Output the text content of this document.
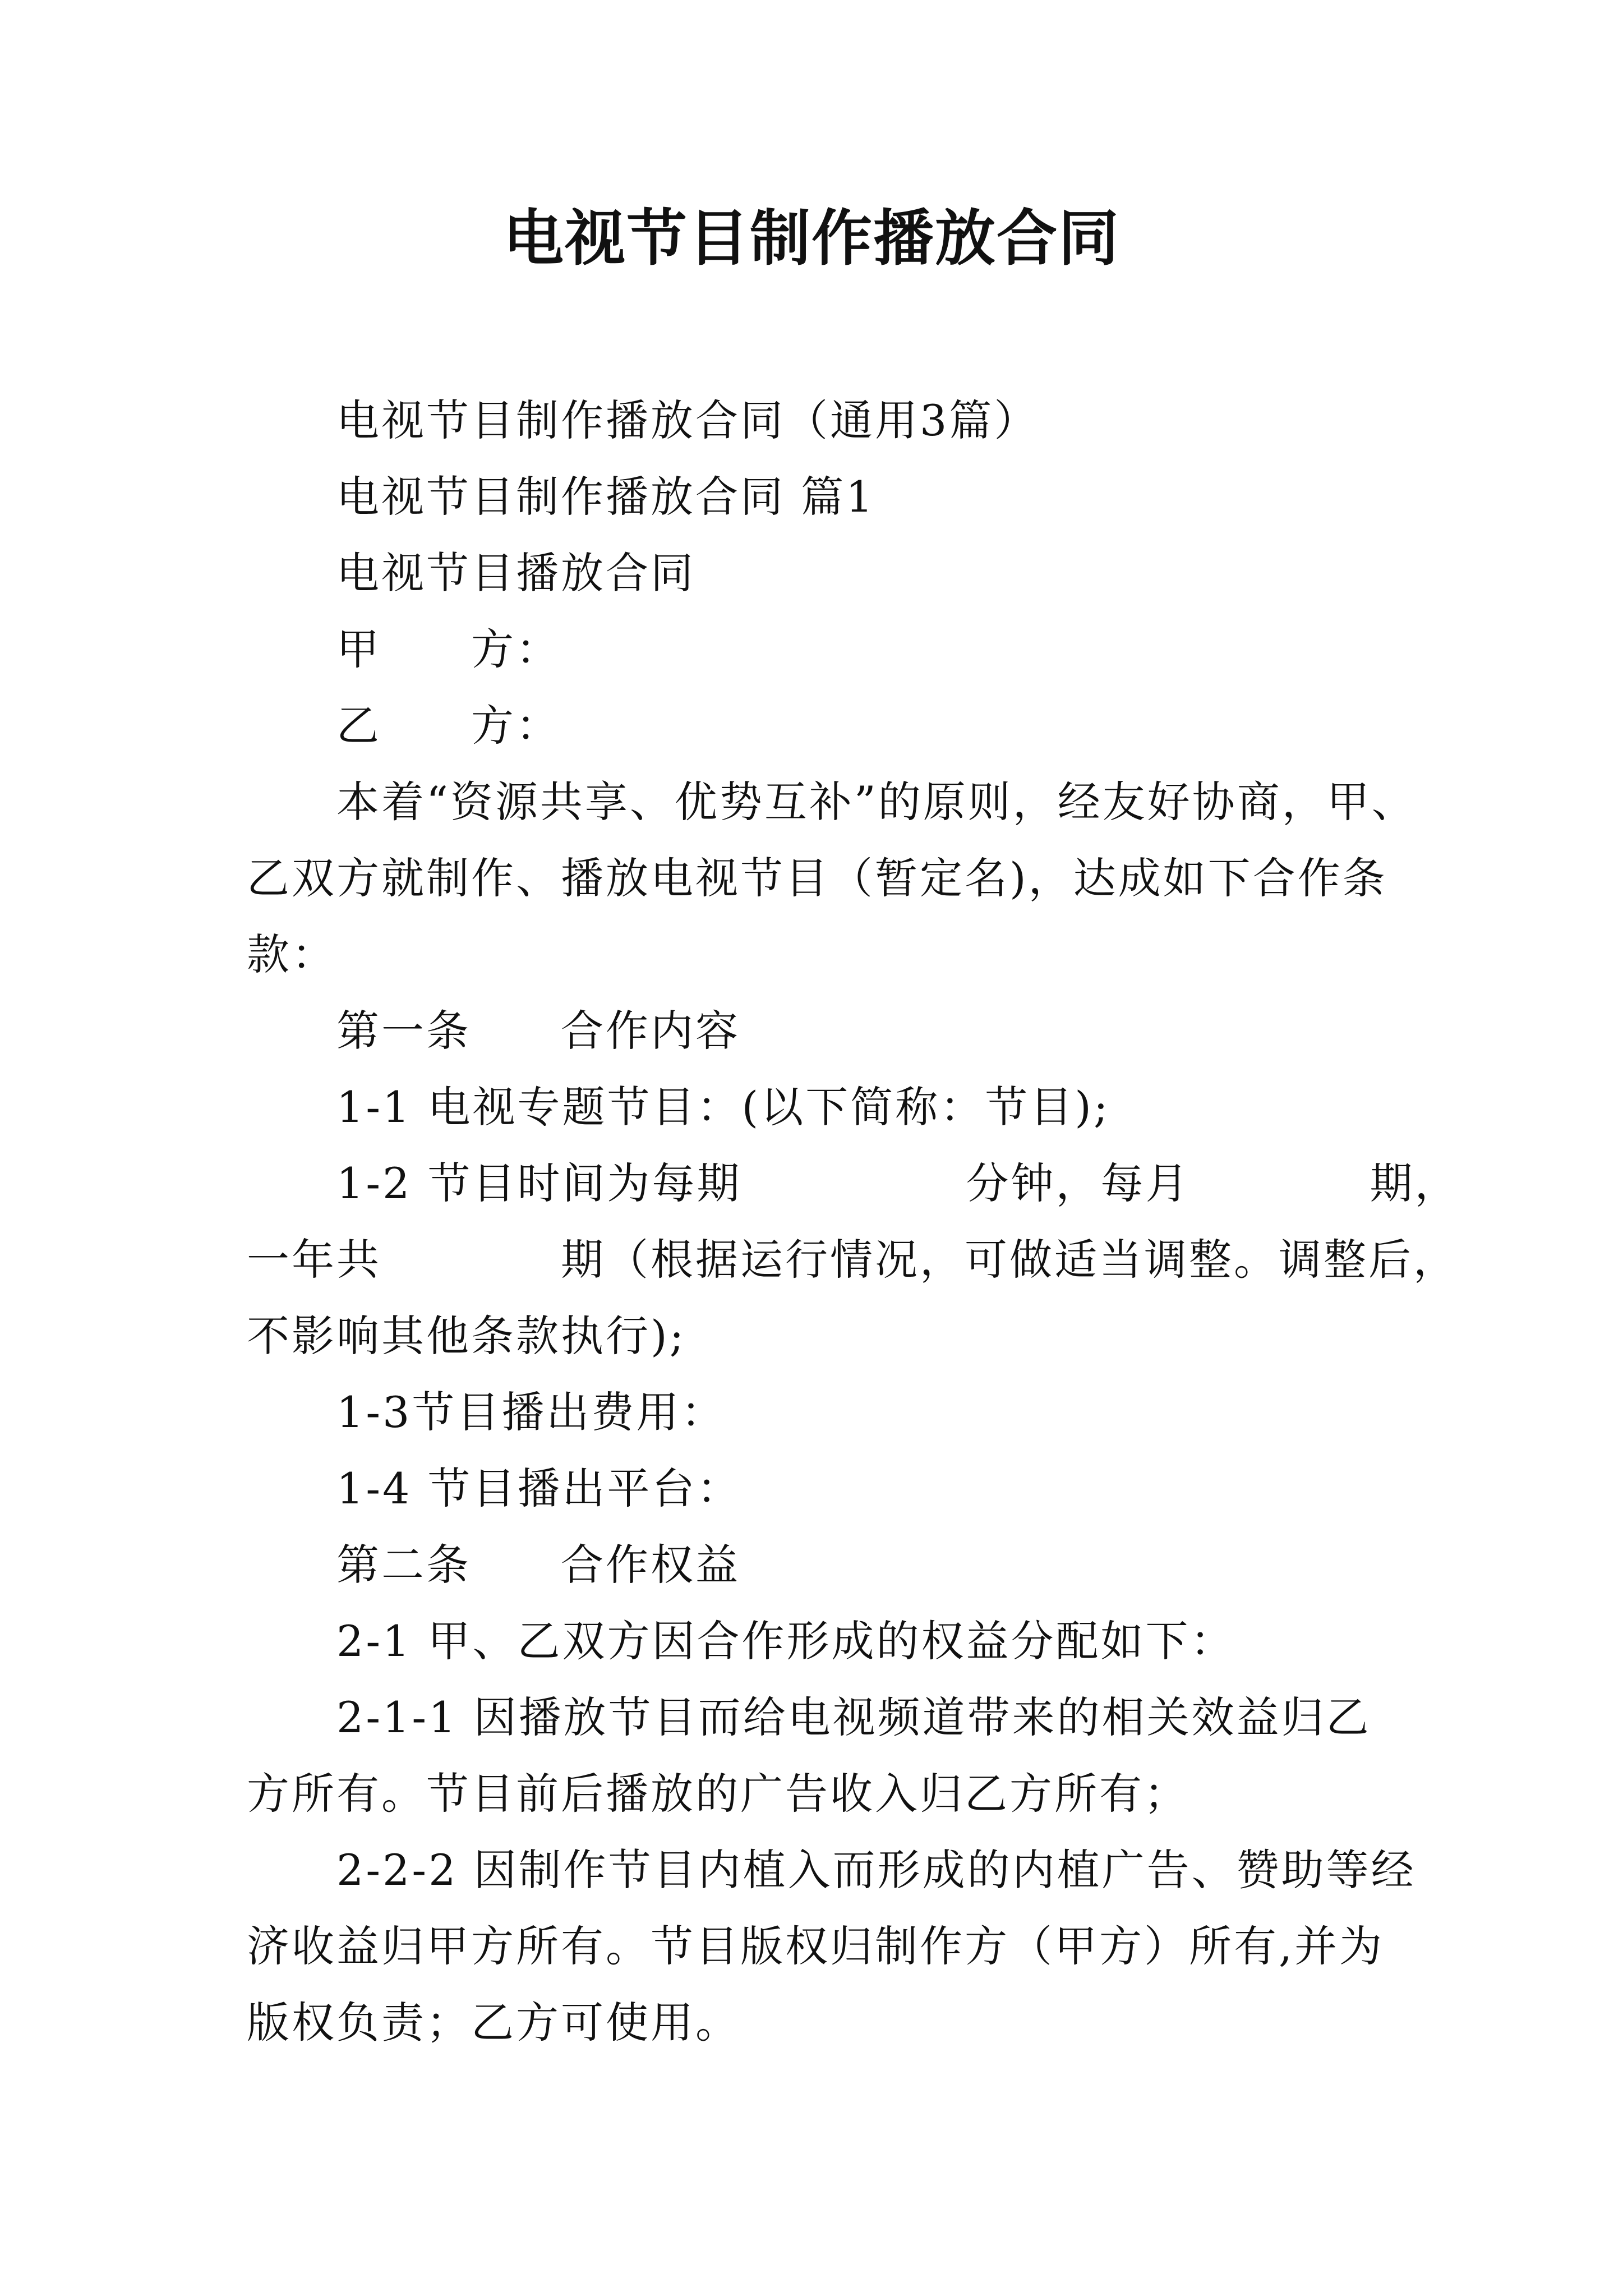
电视节目制作播放合同

电视节目制作播放合同（通用3篇）

电视节目制作播放合同 篇1

电视节目播放合同

甲　　方：

乙　　方：

本着“资源共享、优势互补”的原则，经友好协商，甲、

乙双方就制作、播放电视节目（暂定名)，达成如下合作条

款：

第一条　　合作内容

1-1 电视专题节目：(以下简称：节目);

1-2 节目时间为每期　　　　　分钟，每月　　　　期，

一年共　　　　期（根据运行情况，可做适当调整。调整后，

不影响其他条款执行);

1-3节目播出费用：

1-4 节目播出平台：

第二条　　合作权益

2-1 甲、乙双方因合作形成的权益分配如下：

2-1-1 因播放节目而给电视频道带来的相关效益归乙

方所有。节目前后播放的广告收入归乙方所有；

2-2-2 因制作节目内植入而形成的内植广告、赞助等经

济收益归甲方所有。节目版权归制作方（甲方）所有,并为

版权负责；乙方可使用。
